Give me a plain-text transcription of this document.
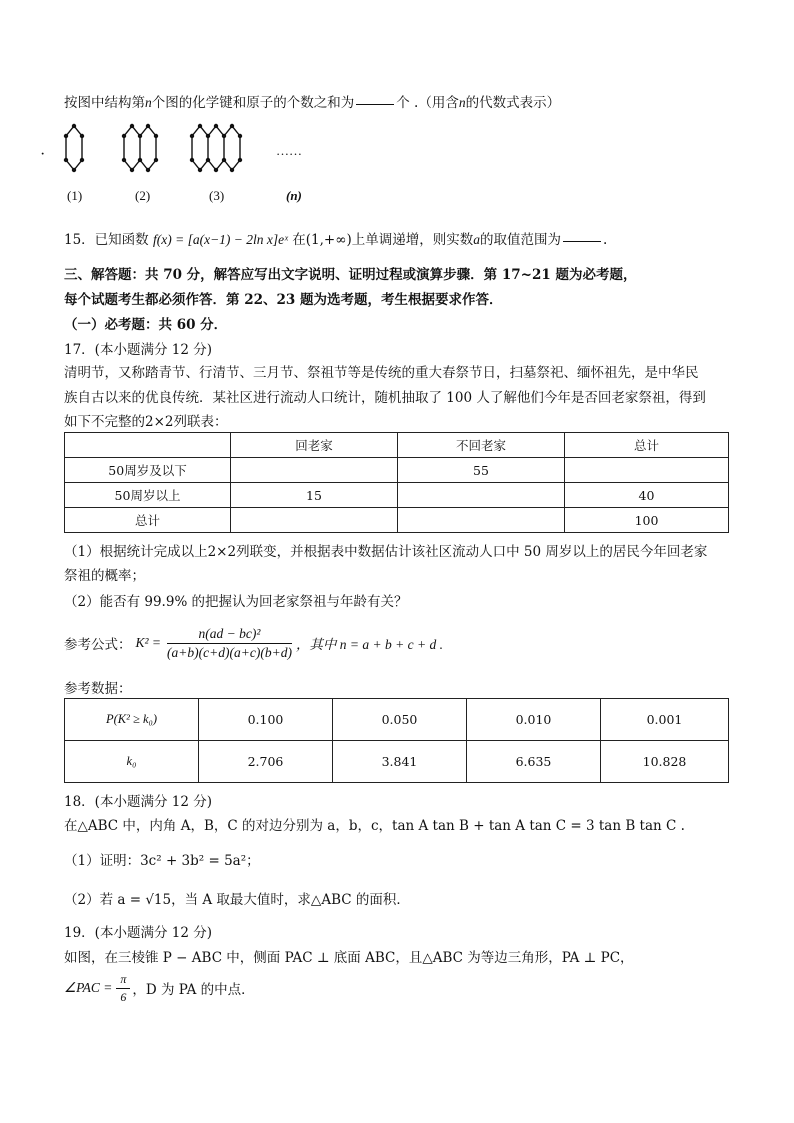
按图中结构第n个图的化学键和原子的个数之和为	个 .（用含n的代数式表示）
·	……
(1)	(2)	(3)	(n)
15．已知函数 f(x) = [a(x−1) − 2ln x]eˣ 在(1,+∞)上单调递增，则实数a的取值范围为	.
三、解答题：共 70 分，解答应写出文字说明、证明过程或演算步骤．第 17~21 题为必考题，
每个试题考生都必须作答．第 22、23 题为选考题，考生根据要求作答．
（一）必考题：共 60 分．
17．(本小题满分 12 分)
清明节，又称踏青节、行清节、三月节、祭祖节等是传统的重大春祭节日，扫墓祭祀、缅怀祖先，是中华民
族自古以来的优良传统．某社区进行流动人口统计，随机抽取了 100 人了解他们今年是否回老家祭祖，得到
如下不完整的2×2列联表：
	回老家	不回老家	总计
50周岁及以下		55	
50周岁以上	15		40
总计			100
（1）根据统计完成以上2×2列联变，并根据表中数据估计该社区流动人口中 50 周岁以上的居民今年回老家
祭祖的概率；
（2）能否有 99.9% 的把握认为回老家祭祖与年龄有关？
参考公式： $K^2 = \frac{\text{n(ad − bc)²}}{(a+b)(c+d)(a+c)(b+d)}$ ，其中 n = a + b + c + d .
参考数据：
P(K² ≥ k₀)	0.100	0.050	0.010	0.001
k₀	2.706	3.841	6.635	10.828
18．(本小题满分 12 分)
在△ABC 中，内角 A，B，C 的对边分别为 a，b，c，tan A tan B + tan A tan C = 3 tan B tan C .
（1）证明：3c² + 3b² = 5a²；
（2）若 a = √15，当 A 取最大值时，求△ABC 的面积．
19．(本小题满分 12 分)
如图，在三棱锥 P − ABC 中，侧面 PAC ⊥ 底面 ABC，且△ABC 为等边三角形，PA ⊥ PC，
∠PAC = $\frac{\pi}{6}$ ，D 为 PA 的中点．
